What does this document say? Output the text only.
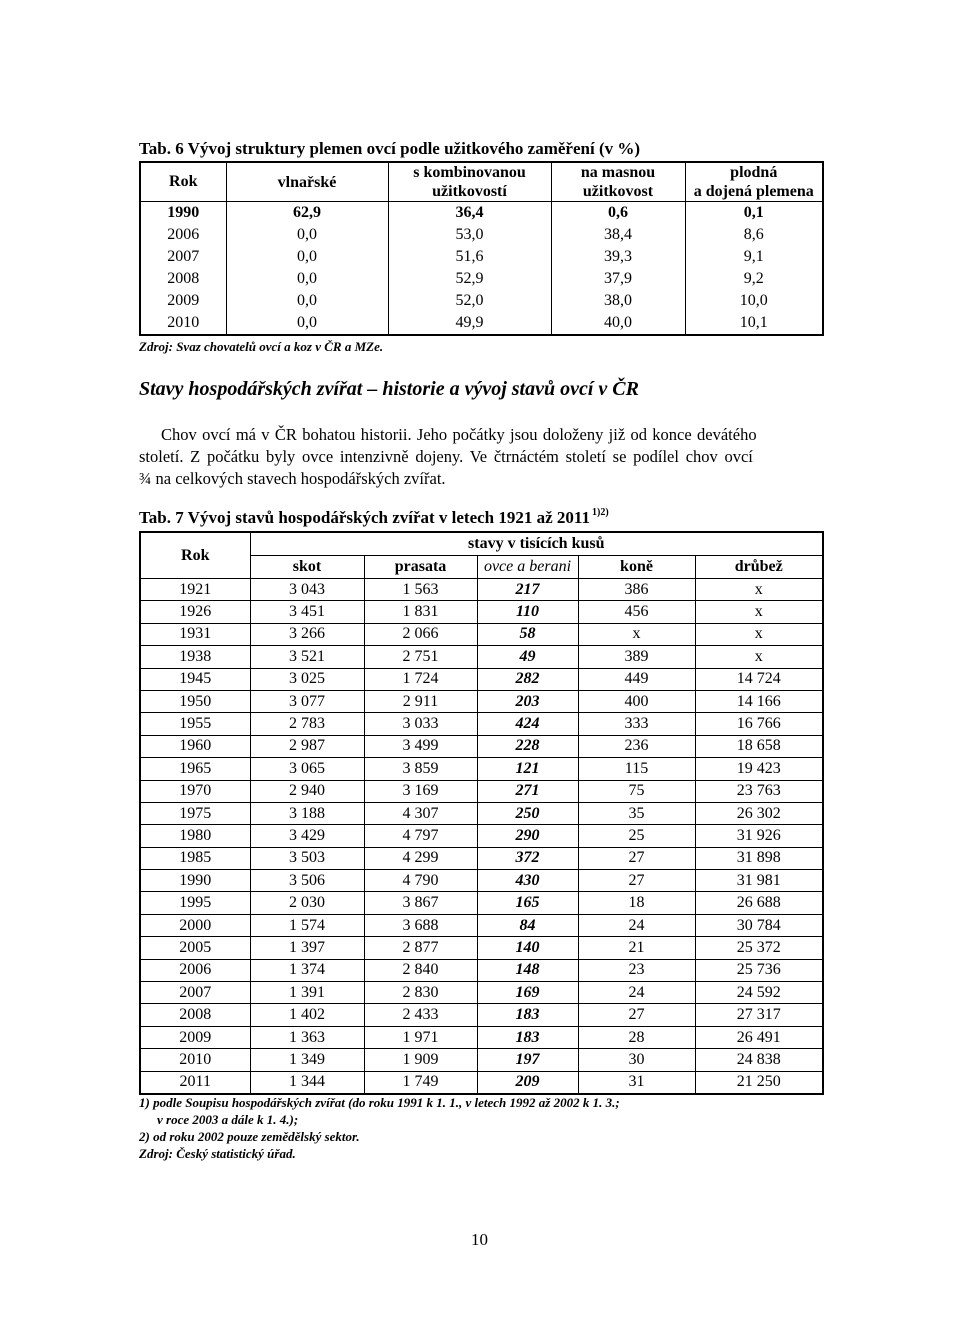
Tab. 6 Vývoj struktury plemen ovcí podle užitkového zaměření (v %)
Rok	vlnařské	s kombinovanou	na masnou	plodná
		užitkovostí	užitkovost	a dojená plemena
1990	62,9	36,4	0,6	0,1
2006	0,0	53,0	38,4	8,6
2007	0,0	51,6	39,3	9,1
2008	0,0	52,9	37,9	9,2
2009	0,0	52,0	38,0	10,0
2010	0,0	49,9	40,0	10,1
Zdroj: Svaz chovatelů ovcí a koz v ČR a MZe.
Stavy hospodářských zvířat – historie a vývoj stavů ovcí v ČR
Chov ovcí má v ČR bohatou historii. Jeho počátky jsou doloženy již od konce devátého
století. Z počátku byly ovce intenzivně dojeny. Ve čtrnáctém století se podílel chov ovcí
¾ na celkových stavech hospodářských zvířat.
Tab. 7 Vývoj stavů hospodářských zvířat v letech 1921 až 2011 $^{1)2)}$
Rok	stavy v tisících kusů				
	skot	prasata	ovce a berani	koně	drůbež
1921	3 043	1 563	217	386	x
1926	3 451	1 831	110	456	x
1931	3 266	2 066	58	x	x
1938	3 521	2 751	49	389	x
1945	3 025	1 724	282	449	14 724
1950	3 077	2 911	203	400	14 166
1955	2 783	3 033	424	333	16 766
1960	2 987	3 499	228	236	18 658
1965	3 065	3 859	121	115	19 423
1970	2 940	3 169	271	75	23 763
1975	3 188	4 307	250	35	26 302
1980	3 429	4 797	290	25	31 926
1985	3 503	4 299	372	27	31 898
1990	3 506	4 790	430	27	31 981
1995	2 030	3 867	165	18	26 688
2000	1 574	3 688	84	24	30 784
2005	1 397	2 877	140	21	25 372
2006	1 374	2 840	148	23	25 736
2007	1 391	2 830	169	24	24 592
2008	1 402	2 433	183	27	27 317
2009	1 363	1 971	183	28	26 491
2010	1 349	1 909	197	30	24 838
2011	1 344	1 749	209	31	21 250
1) podle Soupisu hospodářských zvířat (do roku 1991 k 1. 1., v letech 1992 až 2002 k 1. 3.;
v roce 2003 a dále k 1. 4.);
2) od roku 2002 pouze zemědělský sektor.
Zdroj: Český statistický úřad.
10
